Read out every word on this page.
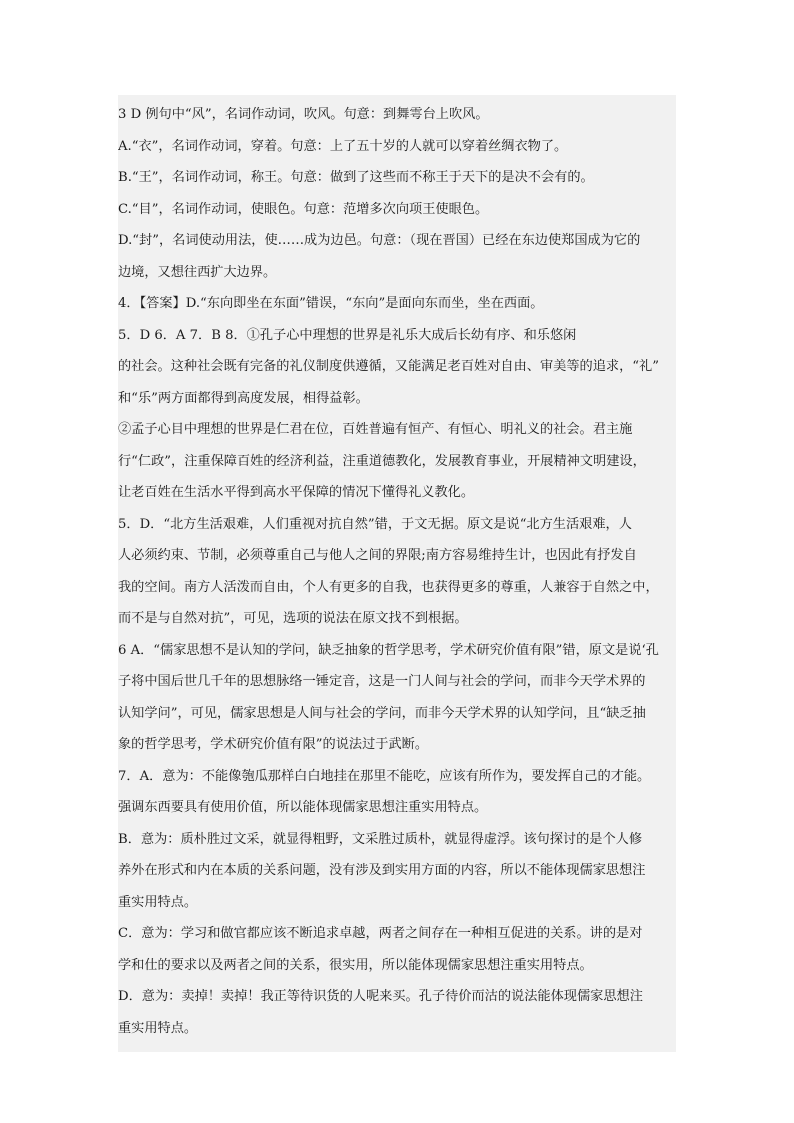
3 D 例句中“风”，名词作动词，吹风。句意：到舞雩台上吹风。
A.“衣”，名词作动词，穿着。句意：上了五十岁的人就可以穿着丝绸衣物了。
B.“王”，名词作动词，称王。句意：做到了这些而不称王于天下的是决不会有的。
C.“目”，名词作动词，使眼色。句意：范增多次向项王使眼色。
D.“封”，名词使动用法，使……成为边邑。句意：（现在晋国）已经在东边使郑国成为它的
边境，又想往西扩大边界。
4．【答案】D.“东向即坐在东面”错误，“东向”是面向东而坐，坐在西面。
5．D 6．A 7．B 8．①孔子心中理想的世界是礼乐大成后长幼有序、和乐悠闲
的社会。这种社会既有完备的礼仪制度供遵循，又能满足老百姓对自由、审美等的追求，“礼”
和“乐”两方面都得到高度发展，相得益彰。
②孟子心目中理想的世界是仁君在位，百姓普遍有恒产、有恒心、明礼义的社会。君主施
行“仁政”，注重保障百姓的经济利益，注重道德教化，发展教育事业，开展精神文明建设，
让老百姓在生活水平得到高水平保障的情况下懂得礼义教化。
5．D．“北方生活艰难，人们重视对抗自然”错，于文无据。原文是说“北方生活艰难，人
人必须约束、节制，必须尊重自己与他人之间的界限;南方容易维持生计，也因此有抒发自
我的空间。南方人活泼而自由，个人有更多的自我，也获得更多的尊重，人兼容于自然之中，
而不是与自然对抗”，可见，选项的说法在原文找不到根据。
6 A．“儒家思想不是认知的学问，缺乏抽象的哲学思考，学术研究价值有限”错，原文是说‘孔
子将中国后世几千年的思想脉络一锤定音，这是一门人间与社会的学问，而非今天学术界的
认知学问”，可见，儒家思想是人间与社会的学问，而非今天学术界的认知学问，且“缺乏抽
象的哲学思考，学术研究价值有限”的说法过于武断。
7．A．意为：不能像匏瓜那样白白地挂在那里不能吃，应该有所作为，要发挥自己的才能。
强调东西要具有使用价值，所以能体现儒家思想注重实用特点。
B．意为：质朴胜过文采，就显得粗野，文采胜过质朴，就显得虚浮。该句探讨的是个人修
养外在形式和内在本质的关系问题，没有涉及到实用方面的内容，所以不能体现儒家思想注
重实用特点。
C．意为：学习和做官都应该不断追求卓越，两者之间存在一种相互促进的关系。讲的是对
学和仕的要求以及两者之间的关系，很实用，所以能体现儒家思想注重实用特点。
D．意为：卖掉！卖掉！我正等待识货的人呢来买。孔子待价而沽的说法能体现儒家思想注
重实用特点。
